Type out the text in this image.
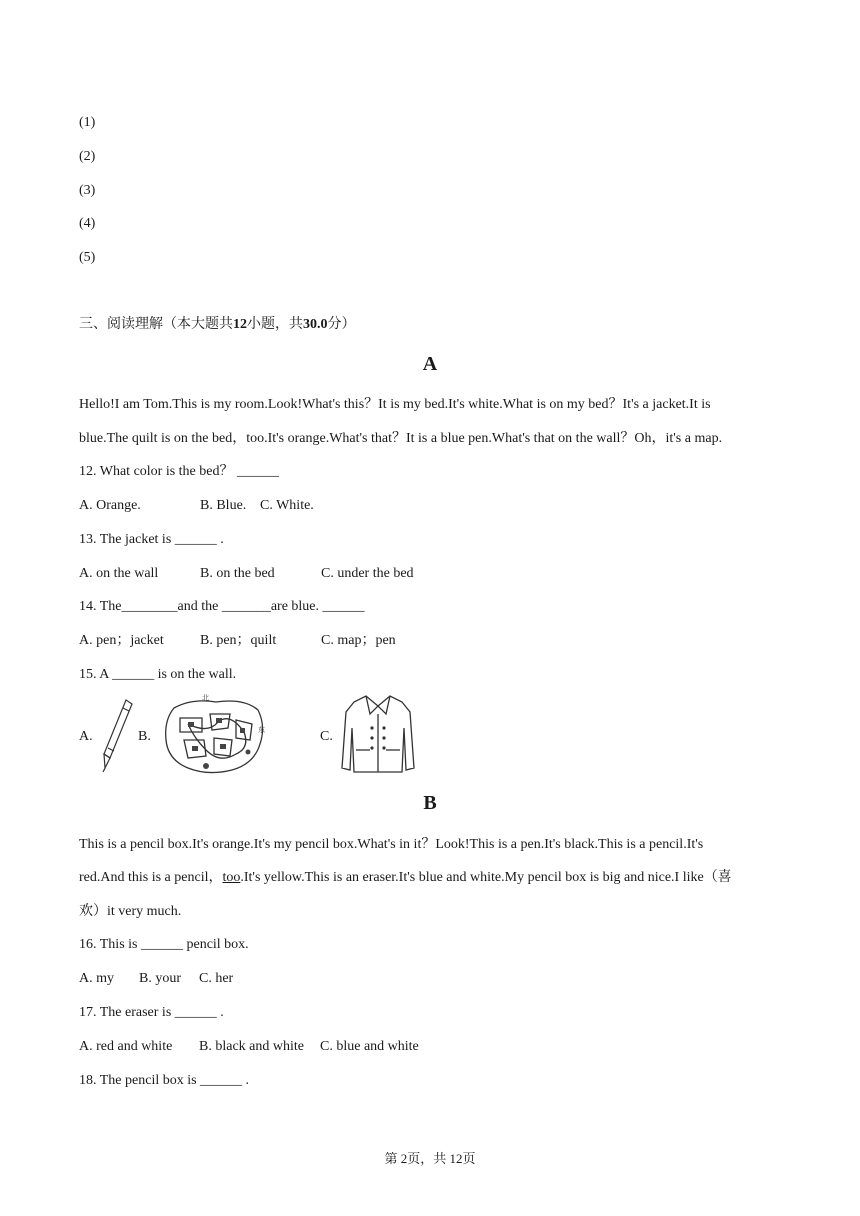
(1)
(2)
(3)
(4)
(5)
三、阅读理解（本大题共12小题，共30.0分）
A
Hello!I am Tom.This is my room.Look!What's this？It is my bed.It's white.What is on my bed？It's a jacket.It is
blue.The quilt is on the bed，too.It's orange.What's that？It is a blue pen.What's that on the wall？Oh，it's a map.
12. What color is the bed？ ______
A. Orange.	B. Blue. C. White.
13. The jacket is ______ .
A. on the wall	B. on the bed	C. under the bed
14. The________and the _______are blue. ______
A. pen；jacket	B. pen；quilt	C. map；pen
15. A ______ is on the wall.
A.	B.
北
东	C.
B
This is a pencil box.It's orange.It's my pencil box.What's in it？Look!This is a pen.It's black.This is a pencil.It's
red.And this is a pencil，too.It's yellow.This is an eraser.It's blue and white.My pencil box is big and nice.I like（喜
欢）it very much.
16. This is ______ pencil box.
A. my B. your C. her
17. The eraser is ______ .
A. red and white B. black and white C. blue and white
18. The pencil box is ______ .
第 2页，共 12页
